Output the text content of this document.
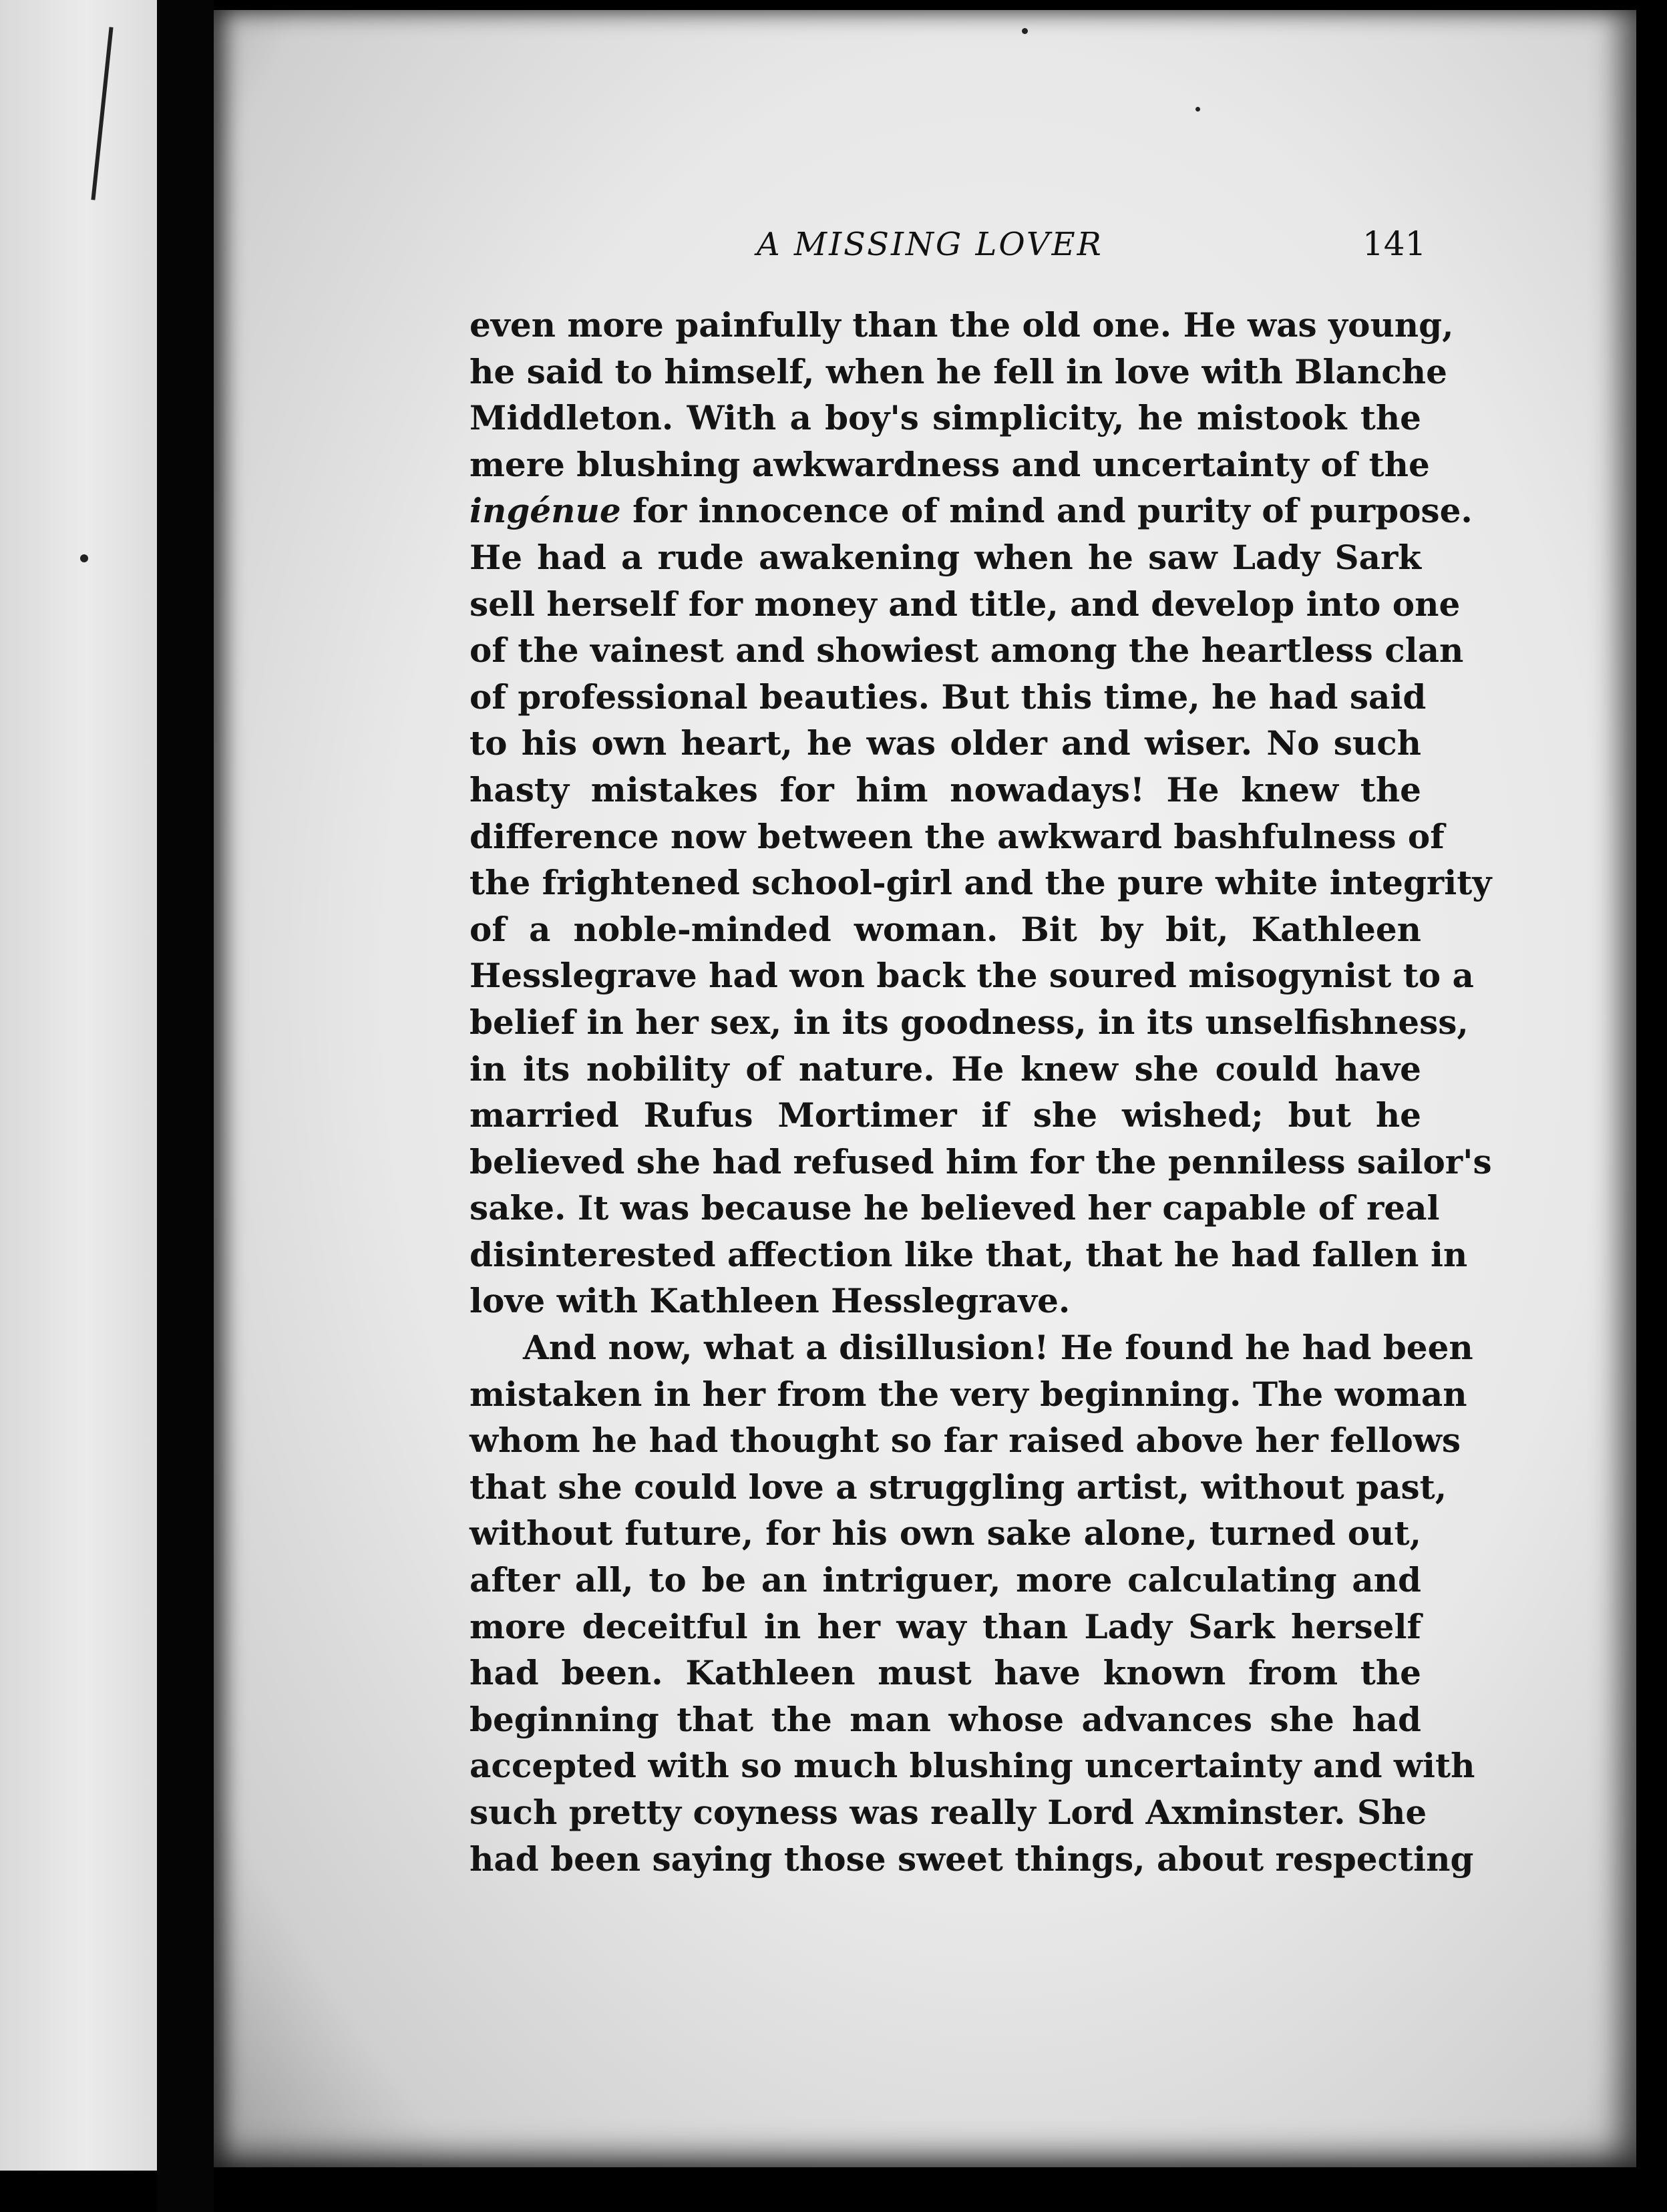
A MISSING LOVER	141
even more painfully than the old one. He was young,
he said to himself, when he fell in love with Blanche
Middleton. With a boy's simplicity, he mistook the
mere blushing awkwardness and uncertainty of the
ingénue for innocence of mind and purity of purpose.
He had a rude awakening when he saw Lady Sark
sell herself for money and title, and develop into one
of the vainest and showiest among the heartless clan
of professional beauties. But this time, he had said
to his own heart, he was older and wiser. No such
hasty mistakes for him nowadays! He knew the
difference now between the awkward bashfulness of
the frightened school-girl and the pure white integrity
of a noble-minded woman. Bit by bit, Kathleen
Hesslegrave had won back the soured misogynist to a
belief in her sex, in its goodness, in its unselfishness,
in its nobility of nature. He knew she could have
married Rufus Mortimer if she wished; but he
believed she had refused him for the penniless sailor's
sake. It was because he believed her capable of real
disinterested affection like that, that he had fallen in
love with Kathleen Hesslegrave.
And now, what a disillusion! He found he had been
mistaken in her from the very beginning. The woman
whom he had thought so far raised above her fellows
that she could love a struggling artist, without past,
without future, for his own sake alone, turned out,
after all, to be an intriguer, more calculating and
more deceitful in her way than Lady Sark herself
had been. Kathleen must have known from the
beginning that the man whose advances she had
accepted with so much blushing uncertainty and with
such pretty coyness was really Lord Axminster. She
had been saying those sweet things, about respecting
